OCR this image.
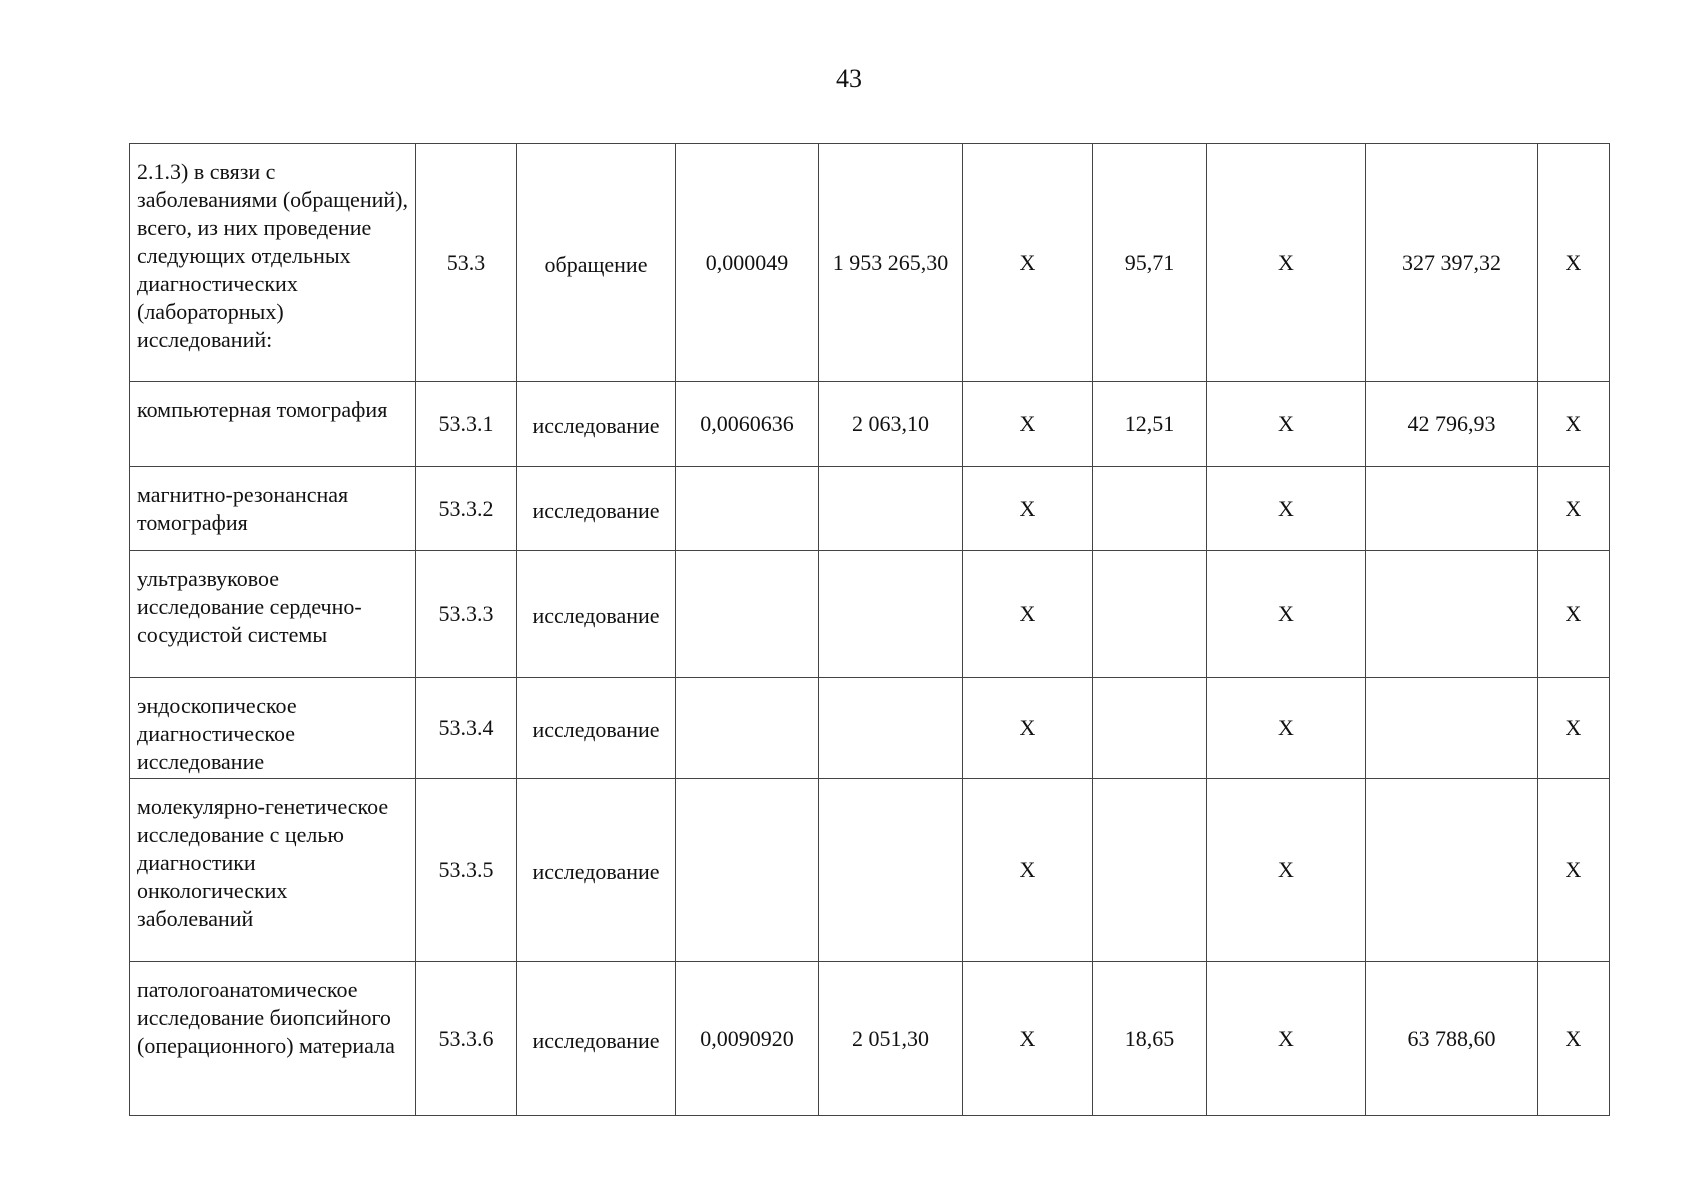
43
2.1.3) в связи с заболеваниями (обращений), всего, из них проведение следующих отдельных диагностических (лабораторных) исследований:	53.3	обращение	0,000049	1 953 265,30	X	95,71	X	327 397,32	X
компьютерная томография	53.3.1	исследование	0,0060636	2 063,10	X	12,51	X	42 796,93	X
магнитно-резонансная томография	53.3.2	исследование			X		X		X
ультразвуковое исследование сердечно-сосудистой системы	53.3.3	исследование			X		X		X
эндоскопическое диагностическое исследование	53.3.4	исследование			X		X		X
молекулярно-генетическое исследование с целью диагностики онкологических заболеваний	53.3.5	исследование			X		X		X
патологоанатомическое исследование биопсийного (операционного) материала	53.3.6	исследование	0,0090920	2 051,30	X	18,65	X	63 788,60	X
